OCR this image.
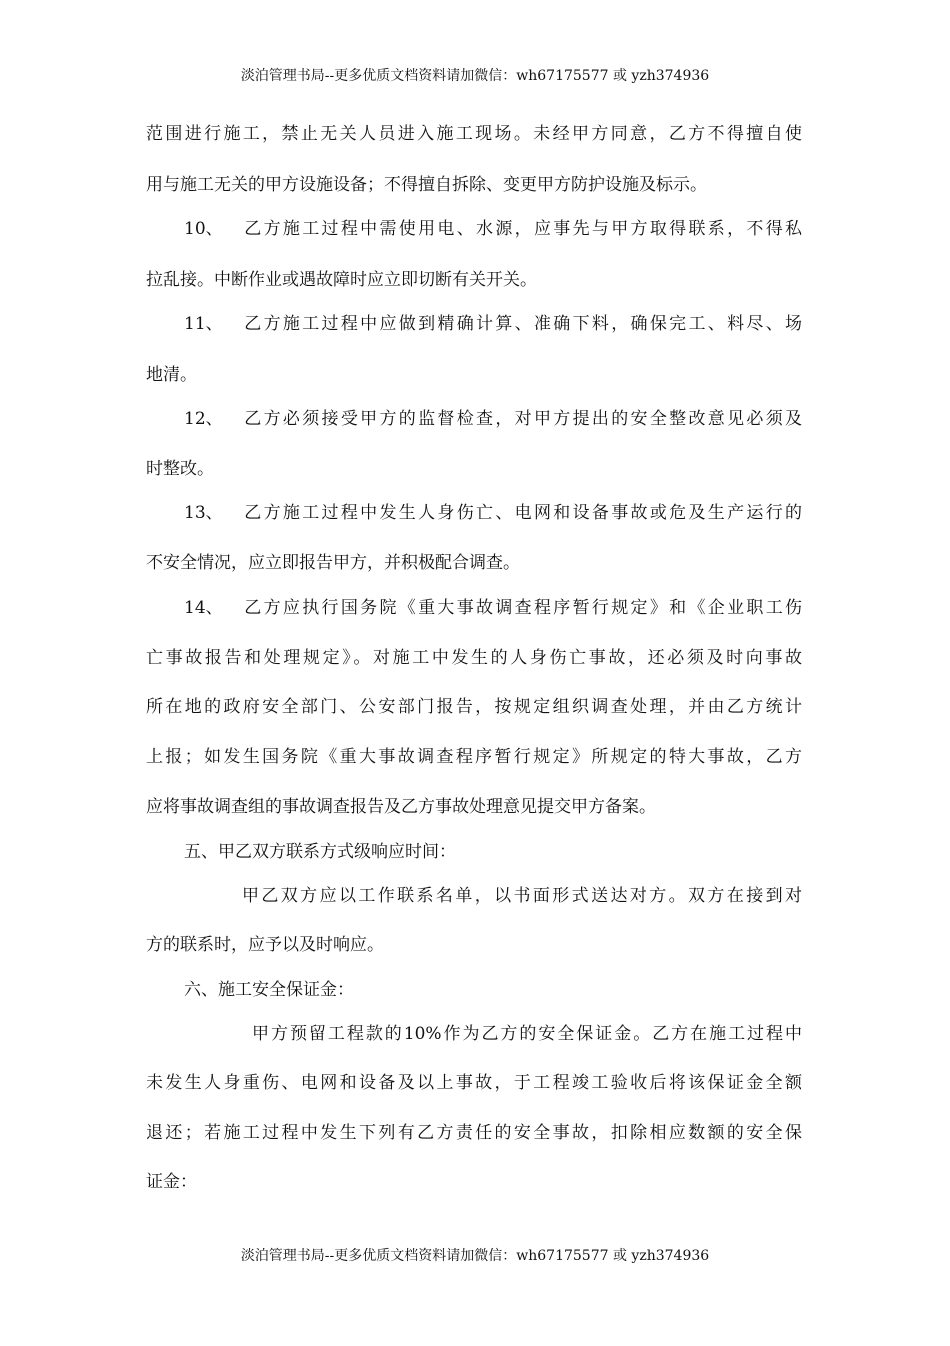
淡泊管理书局--更多优质文档资料请加微信：wh67175577 或 yzh374936
范围进行施工，禁止无关人员进入施工现场。未经甲方同意，乙方不得擅自使
用与施工无关的甲方设施设备；不得擅自拆除、变更甲方防护设施及标示。
10、 乙方施工过程中需使用电、水源，应事先与甲方取得联系，不得私
拉乱接。中断作业或遇故障时应立即切断有关开关。
11、 乙方施工过程中应做到精确计算、准确下料，确保完工、料尽、场
地清。
12、 乙方必须接受甲方的监督检查，对甲方提出的安全整改意见必须及
时整改。
13、 乙方施工过程中发生人身伤亡、电网和设备事故或危及生产运行的
不安全情况，应立即报告甲方，并积极配合调查。
14、 乙方应执行国务院《重大事故调查程序暂行规定》和《企业职工伤
亡事故报告和处理规定》。对施工中发生的人身伤亡事故，还必须及时向事故
所在地的政府安全部门、公安部门报告，按规定组织调查处理，并由乙方统计
上报；如发生国务院《重大事故调查程序暂行规定》所规定的特大事故，乙方
应将事故调查组的事故调查报告及乙方事故处理意见提交甲方备案。
五、甲乙双方联系方式级响应时间：
甲乙双方应以工作联系名单，以书面形式送达对方。双方在接到对
方的联系时，应予以及时响应。
六、施工安全保证金：
甲方预留工程款的10%作为乙方的安全保证金。乙方在施工过程中
未发生人身重伤、电网和设备及以上事故，于工程竣工验收后将该保证金全额
退还；若施工过程中发生下列有乙方责任的安全事故，扣除相应数额的安全保
证金：
淡泊管理书局--更多优质文档资料请加微信：wh67175577 或 yzh374936
